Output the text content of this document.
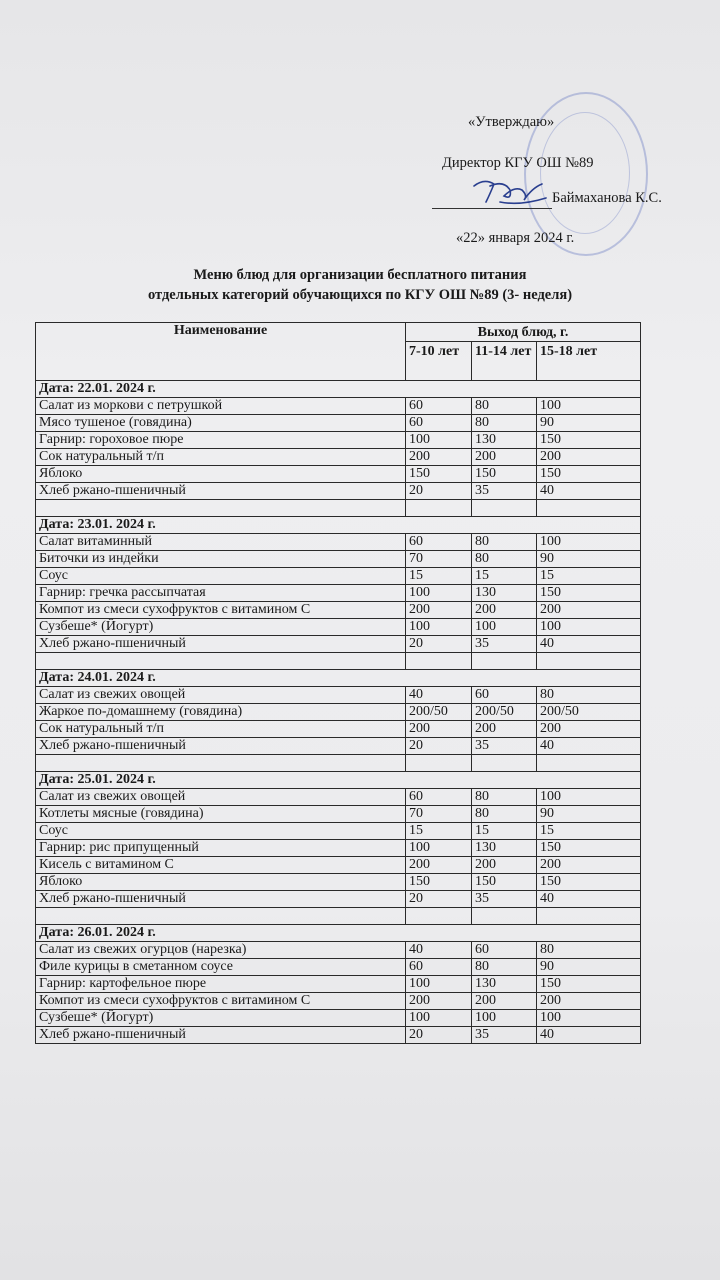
«Утверждаю»
Директор КГУ ОШ №89
Баймаханова К.С.
«22» января 2024 г.
Меню блюд для организации бесплатного питания
отдельных категорий обучающихся по КГУ ОШ №89 (3- неделя)
Наименование	Выход блюд, г.		
	7-10 лет	11-14 лет	15-18 лет
Дата: 22.01. 2024 г.			
Салат из моркови с петрушкой	60	80	100
Мясо тушеное (говядина)	60	80	90
Гарнир: гороховое пюре	100	130	150
Сок натуральный т/п	200	200	200
Яблоко	150	150	150
Хлеб ржано-пшеничный	20	35	40

Дата: 23.01. 2024 г.			
Салат витаминный	60	80	100
Биточки из индейки	70	80	90
Соус	15	15	15
Гарнир: гречка рассыпчатая	100	130	150
Компот из смеси сухофруктов с витамином С	200	200	200
Сузбеше* (Йогурт)	100	100	100
Хлеб ржано-пшеничный	20	35	40

Дата: 24.01. 2024 г.			
Салат из свежих овощей	40	60	80
Жаркое по-домашнему (говядина)	200/50	200/50	200/50
Сок натуральный т/п	200	200	200
Хлеб ржано-пшеничный	20	35	40

Дата: 25.01. 2024 г.			
Салат из свежих овощей	60	80	100
Котлеты мясные (говядина)	70	80	90
Соус	15	15	15
Гарнир: рис припущенный	100	130	150
Кисель с витамином С	200	200	200
Яблоко	150	150	150
Хлеб ржано-пшеничный	20	35	40

Дата: 26.01. 2024 г.			
Салат из свежих огурцов (нарезка)	40	60	80
Филе курицы в сметанном соусе	60	80	90
Гарнир: картофельное пюре	100	130	150
Компот из смеси сухофруктов с витамином С	200	200	200
Сузбеше* (Йогурт)	100	100	100
Хлеб ржано-пшеничный	20	35	40
